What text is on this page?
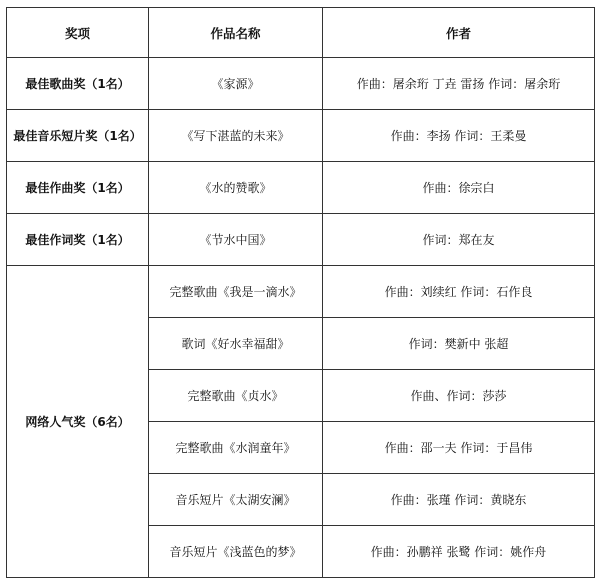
奖项	作品名称	作者
最佳歌曲奖（1名）	《家源》	作曲：屠余珩 丁垚 雷扬 作词：屠余珩
最佳音乐短片奖（1名）	《写下湛蓝的未来》	作曲：李扬 作词：王柔曼
最佳作曲奖（1名）	《水的赞歌》	作曲：徐宗白
最佳作词奖（1名）	《节水中国》	作词：郑在友
网络人气奖（6名）	完整歌曲《我是一滴水》	作曲：刘续红 作词：石作良
	歌词《好水幸福甜》	作词：樊新中 张超
	完整歌曲《贞水》	作曲、作词：莎莎
	完整歌曲《水润童年》	作曲：邵一夫 作词：于昌伟
	音乐短片《太湖安澜》	作曲：张瑾 作词：黄晓东
	音乐短片《浅蓝色的梦》	作曲：孙鹏祥 张鹭 作词：姚作舟
